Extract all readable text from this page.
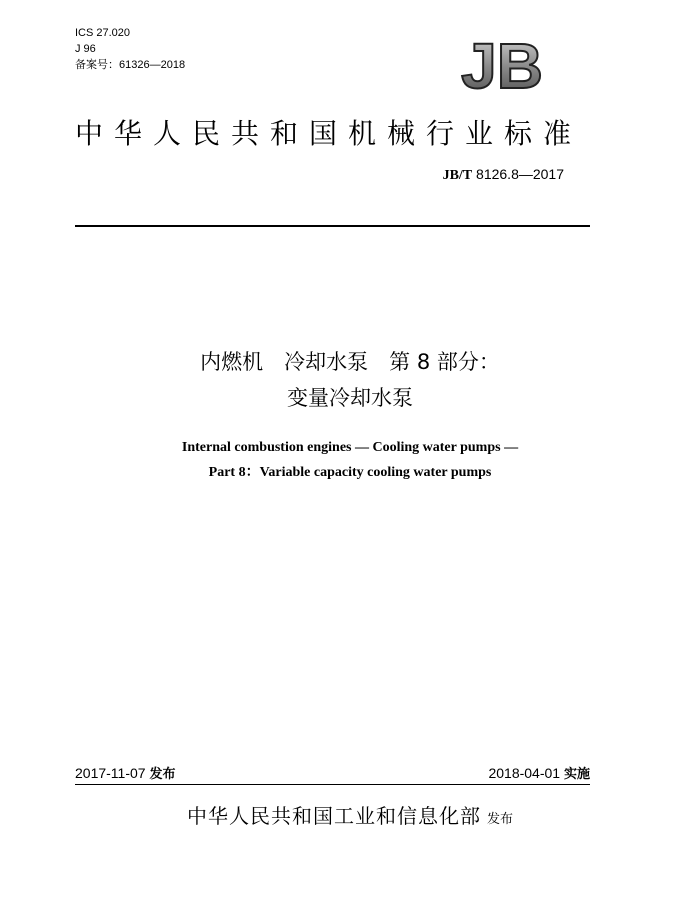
ICS 27.020
J 96
备案号：61326—2018	JB
中华人民共和国机械行业标准
JB/T 8126.8—2017
内燃机　冷却水泵　第 8 部分：
变量冷却水泵
Internal combustion engines — Cooling water pumps —
Part 8：Variable capacity cooling water pumps
2017-11-07 发布	2018-04-01 实施
中华人民共和国工业和信息化部 发布
